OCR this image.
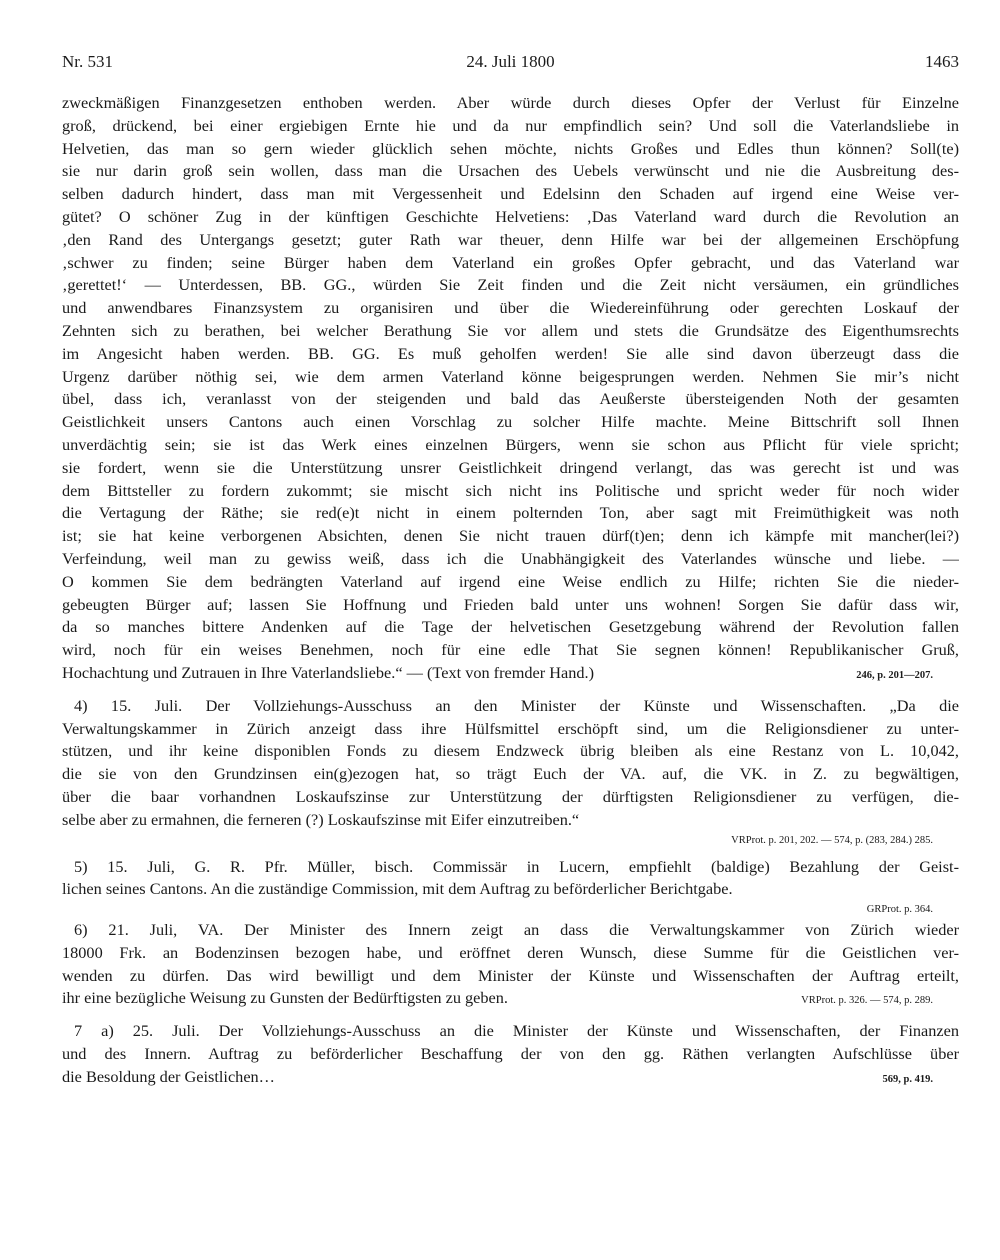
Nr. 531	24. Juli 1800	1463
zweckmäßigen Finanzgesetzen enthoben werden. Aber würde durch dieses Opfer der Verlust für Einzelne
groß, drückend, bei einer ergiebigen Ernte hie und da nur empfindlich sein? Und soll die Vaterlandsliebe in
Helvetien, das man so gern wieder glücklich sehen möchte, nichts Großes und Edles thun können? Soll(te)
sie nur darin groß sein wollen, dass man die Ursachen des Uebels verwünscht und nie die Ausbreitung des-
selben dadurch hindert, dass man mit Vergessenheit und Edelsinn den Schaden auf irgend eine Weise ver-
gütet? O schöner Zug in der künftigen Geschichte Helvetiens: ‚Das Vaterland ward durch die Revolution an
‚den Rand des Untergangs gesetzt; guter Rath war theuer, denn Hilfe war bei der allgemeinen Erschöpfung
‚schwer zu finden; seine Bürger haben dem Vaterland ein großes Opfer gebracht, und das Vaterland war
‚gerettet!‘ — Unterdessen, BB. GG., würden Sie Zeit finden und die Zeit nicht versäumen, ein gründliches
und anwendbares Finanzsystem zu organisiren und über die Wiedereinführung oder gerechten Loskauf der
Zehnten sich zu berathen, bei welcher Berathung Sie vor allem und stets die Grundsätze des Eigenthumsrechts
im Angesicht haben werden. BB. GG. Es muß geholfen werden! Sie alle sind davon überzeugt dass die
Urgenz darüber nöthig sei, wie dem armen Vaterland könne beigesprungen werden. Nehmen Sie mir’s nicht
übel, dass ich, veranlasst von der steigenden und bald das Aeußerste übersteigenden Noth der gesamten
Geistlichkeit unsers Cantons auch einen Vorschlag zu solcher Hilfe machte. Meine Bittschrift soll Ihnen
unverdächtig sein; sie ist das Werk eines einzelnen Bürgers, wenn sie schon aus Pflicht für viele spricht;
sie fordert, wenn sie die Unterstützung unsrer Geistlichkeit dringend verlangt, das was gerecht ist und was
dem Bittsteller zu fordern zukommt; sie mischt sich nicht ins Politische und spricht weder für noch wider
die Vertagung der Räthe; sie red(e)t nicht in einem polternden Ton, aber sagt mit Freimüthigkeit was noth
ist; sie hat keine verborgenen Absichten, denen Sie nicht trauen dürf(t)en; denn ich kämpfe mit mancher(lei?)
Verfeindung, weil man zu gewiss weiß, dass ich die Unabhängigkeit des Vaterlandes wünsche und liebe. —
O kommen Sie dem bedrängten Vaterland auf irgend eine Weise endlich zu Hilfe; richten Sie die nieder-
gebeugten Bürger auf; lassen Sie Hoffnung und Frieden bald unter uns wohnen! Sorgen Sie dafür dass wir,
da so manches bittere Andenken auf die Tage der helvetischen Gesetzgebung während der Revolution fallen
wird, noch für ein weises Benehmen, noch für eine edle That Sie segnen können! Republikanischer Gruß,
Hochachtung und Zutrauen in Ihre Vaterlandsliebe.“ — (Text von fremder Hand.)	246, p. 201—207.
4) 15. Juli. Der Vollziehungs-Ausschuss an den Minister der Künste und Wissenschaften. „Da die
Verwaltungskammer in Zürich anzeigt dass ihre Hülfsmittel erschöpft sind, um die Religionsdiener zu unter-
stützen, und ihr keine disponiblen Fonds zu diesem Endzweck übrig bleiben als eine Restanz von L. 10,042,
die sie von den Grundzinsen ein(g)ezogen hat, so trägt Euch der VA. auf, die VK. in Z. zu begwältigen,
über die baar vorhandnen Loskaufszinse zur Unterstützung der dürftigsten Religionsdiener zu verfügen, die-
selbe aber zu ermahnen, die ferneren (?) Loskaufszinse mit Eifer einzutreiben.“
VRProt. p. 201, 202. — 574, p. (283, 284.) 285.
5) 15. Juli, G. R. Pfr. Müller, bisch. Commissär in Lucern, empfiehlt (baldige) Bezahlung der Geist-
lichen seines Cantons. An die zuständige Commission, mit dem Auftrag zu beförderlicher Berichtgabe.
GRProt. p. 364.
6) 21. Juli, VA. Der Minister des Innern zeigt an dass die Verwaltungskammer von Zürich wieder
18000 Frk. an Bodenzinsen bezogen habe, und eröffnet deren Wunsch, diese Summe für die Geistlichen ver-
wenden zu dürfen. Das wird bewilligt und dem Minister der Künste und Wissenschaften der Auftrag erteilt,
ihr eine bezügliche Weisung zu Gunsten der Bedürftigsten zu geben.	VRProt. p. 326. — 574, p. 289.
7 a) 25. Juli. Der Vollziehungs-Ausschuss an die Minister der Künste und Wissenschaften, der Finanzen
und des Innern. Auftrag zu beförderlicher Beschaffung der von den gg. Räthen verlangten Aufschlüsse über
die Besoldung der Geistlichen…	569, p. 419.
